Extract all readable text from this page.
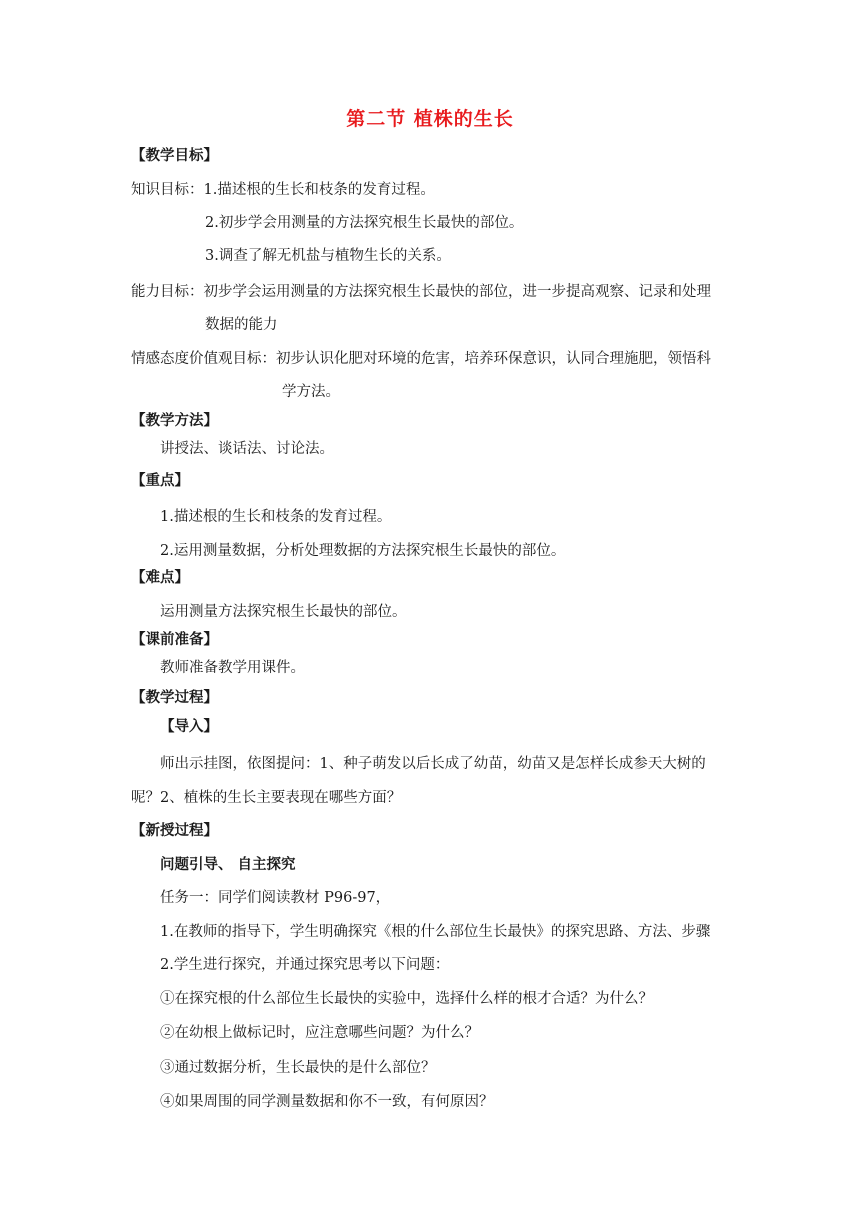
第二节 植株的生长
【教学目标】
知识目标：1.描述根的生长和枝条的发育过程。
2.初步学会用测量的方法探究根生长最快的部位。
3.调查了解无机盐与植物生长的关系。
能力目标：初步学会运用测量的方法探究根生长最快的部位，进一步提高观察、记录和处理
数据的能力
情感态度价值观目标：初步认识化肥对环境的危害，培养环保意识，认同合理施肥，领悟科
学方法。
【教学方法】
讲授法、谈话法、讨论法。
【重点】
1.描述根的生长和枝条的发育过程。
2.运用测量数据，分析处理数据的方法探究根生长最快的部位。
【难点】
运用测量方法探究根生长最快的部位。
【课前准备】
教师准备教学用课件。
【教学过程】
【导入】
师出示挂图，依图提问：1、种子萌发以后长成了幼苗，幼苗又是怎样长成参天大树的
呢？2、植株的生长主要表现在哪些方面？
【新授过程】
问题引导、 自主探究
任务一：同学们阅读教材 P96-97，
1.在教师的指导下，学生明确探究《根的什么部位生长最快》的探究思路、方法、步骤
2.学生进行探究，并通过探究思考以下问题：
①在探究根的什么部位生长最快的实验中，选择什么样的根才合适？为什么？
②在幼根上做标记时，应注意哪些问题？为什么？
③通过数据分析，生长最快的是什么部位？
④如果周围的同学测量数据和你不一致，有何原因？
